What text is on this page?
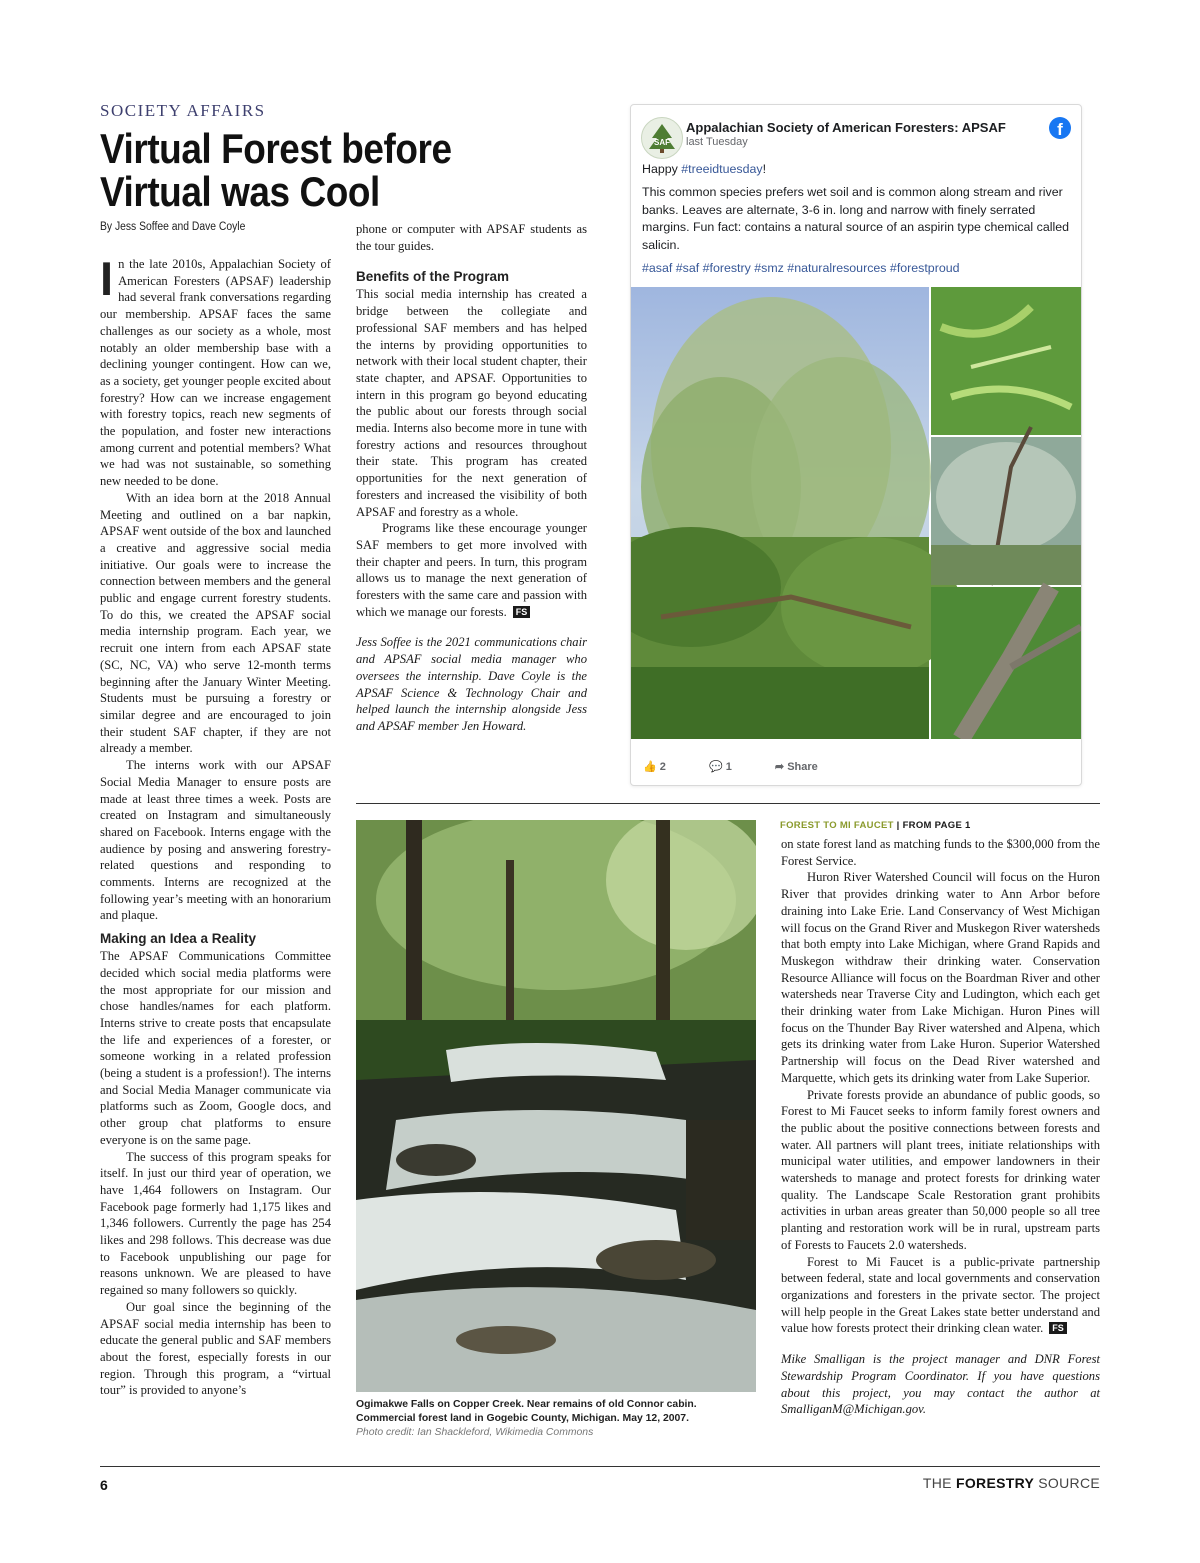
SOCIETY AFFAIRS
Virtual Forest before Virtual was Cool
By Jess Soffee and Dave Coyle

In the late 2010s, Appalachian Society of American Foresters (APSAF) leadership had several frank conversations regarding our membership. APSAF faces the same challenges as our society as a whole, most notably an older membership base with a declining younger contingent. How can we, as a society, get younger people excited about forestry? How can we increase engagement with forestry topics, reach new segments of the population, and foster new interactions among current and potential members? What we had was not sustainable, so something new needed to be done.

With an idea born at the 2018 Annual Meeting and outlined on a bar napkin, APSAF went outside of the box and launched a creative and aggressive social media initiative. Our goals were to increase the connection between members and the general public and engage current forestry students. To do this, we created the APSAF social media internship program. Each year, we recruit one intern from each APSAF state (SC, NC, VA) who serve 12-month terms beginning after the January Winter Meeting. Students must be pursuing a forestry or similar degree and are encouraged to join their student SAF chapter, if they are not already a member.

The interns work with our APSAF Social Media Manager to ensure posts are made at least three times a week. Posts are created on Instagram and simultaneously shared on Facebook. Interns engage with the audience by posing and answering forestry-related questions and responding to comments. Interns are recognized at the following year’s meeting with an honorarium and plaque.

Making an Idea a Reality

The APSAF Communications Committee decided which social media platforms were the most appropriate for our mission and chose handles/names for each platform. Interns strive to create posts that encapsulate the life and experiences of a forester, or someone working in a related profession (being a student is a profession!). The interns and Social Media Manager communicate via platforms such as Zoom, Google docs, and other group chat platforms to ensure everyone is on the same page.

The success of this program speaks for itself. In just our third year of operation, we have 1,464 followers on Instagram. Our Facebook page formerly had 1,175 likes and 1,346 followers. Currently the page has 254 likes and 298 follows. This decrease was due to Facebook unpublishing our page for reasons unknown. We are pleased to have regained so many followers so quickly.

Our goal since the beginning of the APSAF social media internship has been to educate the general public and SAF members about the forest, especially forests in our region. Through this program, a “virtual tour” is provided to anyone’s

phone or computer with APSAF students as the tour guides.

Benefits of the Program

This social media internship has created a bridge between the collegiate and professional SAF members and has helped the interns by providing opportunities to network with their local student chapter, their state chapter, and APSAF. Opportunities to intern in this program go beyond educating the public about our forests through social media. Interns also become more in tune with forestry actions and resources throughout their state. This program has created opportunities for the next generation of foresters and increased the visibility of both APSAF and forestry as a whole.

Programs like these encourage younger SAF members to get more involved with their chapter and peers. In turn, this program allows us to manage the next generation of foresters with the same care and passion with which we manage our forests. FS

Jess Soffee is the 2021 communications chair and APSAF social media manager who oversees the internship. Dave Coyle is the APSAF Science & Technology Chair and helped launch the internship alongside Jess and APSAF member Jen Howard.

SAF
Appalachian Society of American Foresters: APSAF
last Tuesday
f

Happy #treeidtuesday!

This common species prefers wet soil and is common along stream and river banks. Leaves are alternate, 3-6 in. long and narrow with finely serrated margins. Fun fact: contains a natural source of an aspirin type chemical called salicin.

#asaf #saf #forestry #smz #naturalresources #forestproud

👍 2	💬 1	➦ Share
Ogimakwe Falls on Copper Creek. Near remains of old Connor cabin. Commercial forest land in Gogebic County, Michigan. May 12, 2007.
Photo credit: Ian Shackleford, Wikimedia Commons
FOREST TO MI FAUCET | FROM PAGE 1

on state forest land as matching funds to the $300,000 from the Forest Service.

Huron River Watershed Council will focus on the Huron River that provides drinking water to Ann Arbor before draining into Lake Erie. Land Conservancy of West Michigan will focus on the Grand River and Muskegon River watersheds that both empty into Lake Michigan, where Grand Rapids and Muskegon withdraw their drinking water. Conservation Resource Alliance will focus on the Boardman River and other watersheds near Traverse City and Ludington, which each get their drinking water from Lake Michigan. Huron Pines will focus on the Thunder Bay River watershed and Alpena, which gets its drinking water from Lake Huron. Superior Watershed Partnership will focus on the Dead River watershed and Marquette, which gets its drinking water from Lake Superior.

Private forests provide an abundance of public goods, so Forest to Mi Faucet seeks to inform family forest owners and the public about the positive connections between forests and water. All partners will plant trees, initiate relationships with municipal water utilities, and empower landowners in their watersheds to manage and protect forests for drinking water quality. The Landscape Scale Restoration grant prohibits activities in urban areas greater than 50,000 people so all tree planting and restoration work will be in rural, upstream parts of Forests to Faucets 2.0 watersheds.

Forest to Mi Faucet is a public-private partnership between federal, state and local governments and conservation organizations and foresters in the private sector. The project will help people in the Great Lakes state better understand and value how forests protect their drinking clean water. FS

Mike Smalligan is the project manager and DNR Forest Stewardship Program Coordinator. If you have questions about this project, you may contact the author at SmalliganM@Michigan.gov.

6	THE FORESTRY SOURCE
